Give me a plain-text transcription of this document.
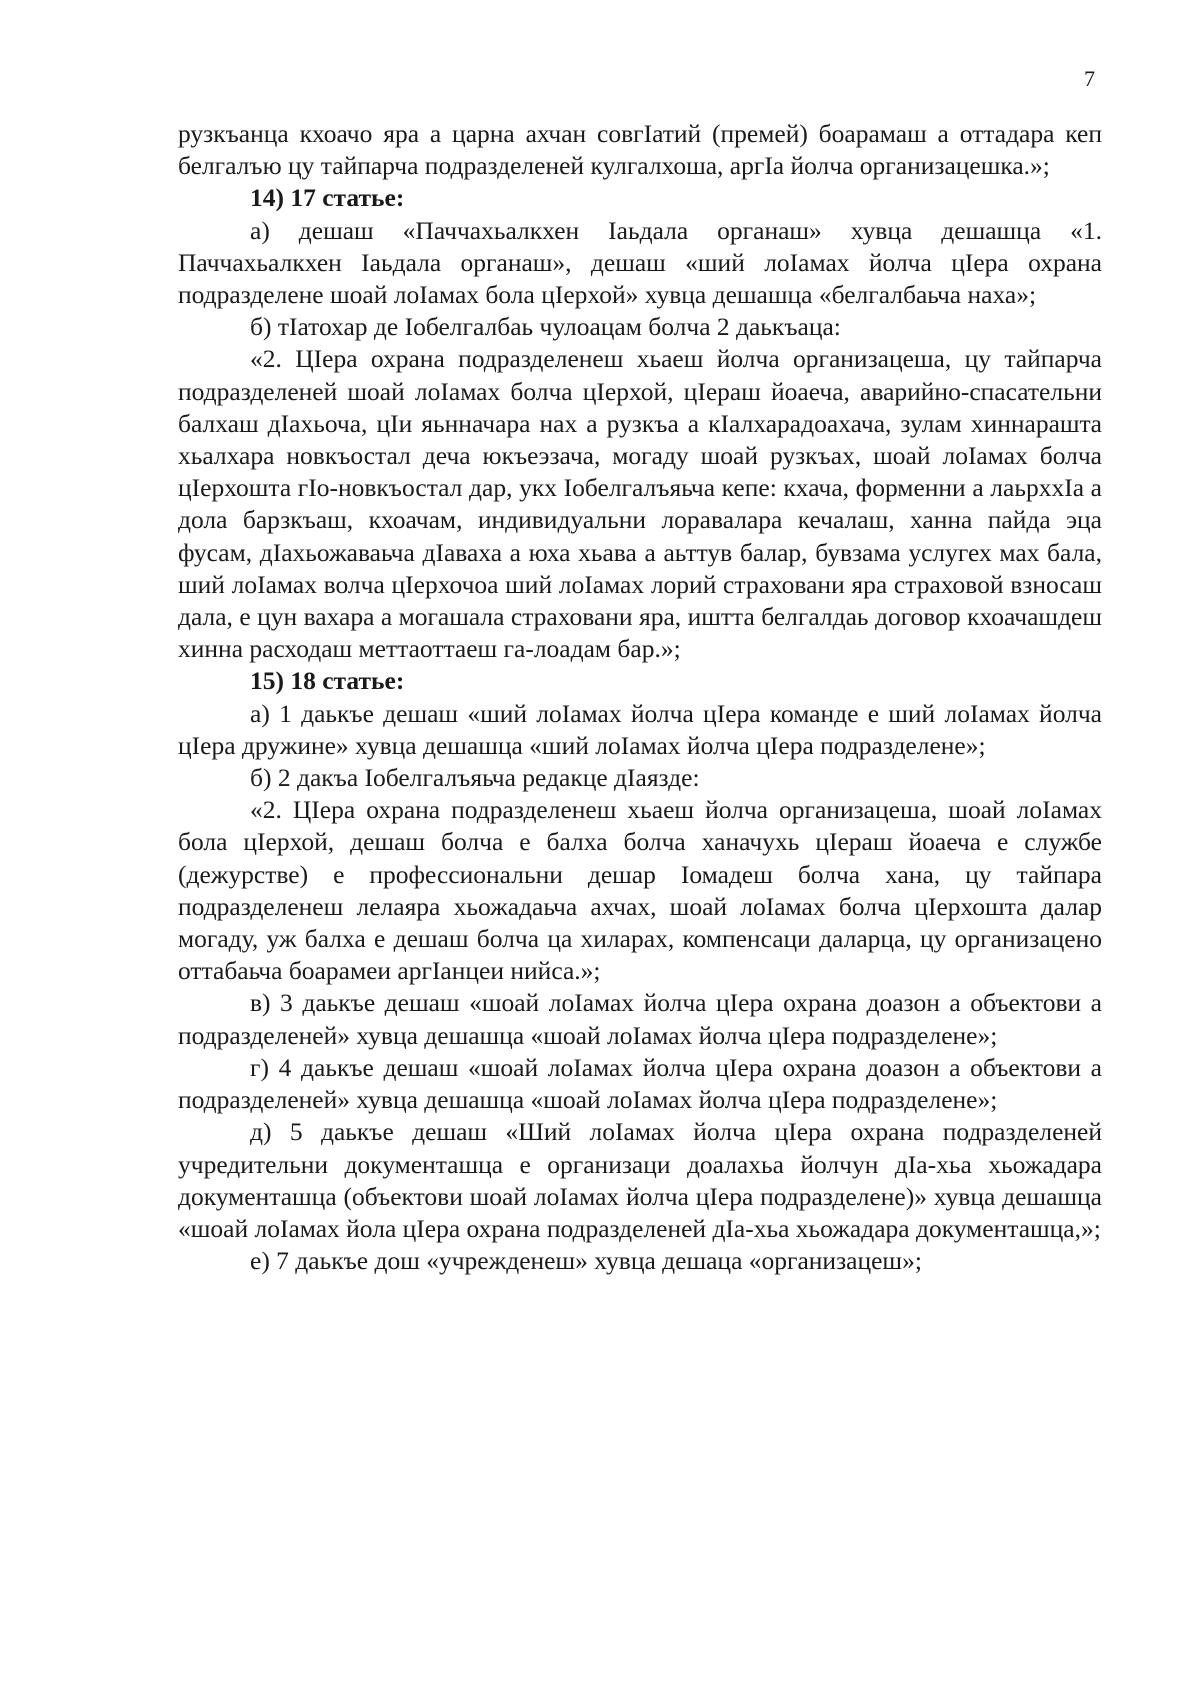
7

рузкъанца кхоачо яра а царна ахчан совгIатий (премей) боарамаш а оттадара кеп белгалъю цу тайпарча подразделеней кулгалхоша, аргIа йолча организацешка.»;

14) 17 статье:

а) дешаш «Паччахьалкхен Iаьдала органаш» хувца дешашца «1. Паччахьалкхен Iаьдала органаш», дешаш «ший лоIамах йолча цIера охрана подразделене шоай лоIамах бола цIерхой» хувца дешашца «белгалбаьча наха»;

б) тIатохар де Iобелгалбаь чулоацам болча 2 даькъаца:

«2. ЦIера охрана подразделенеш хьаеш йолча организацеша, цу тайпарча подразделеней шоай лоIамах болча цIерхой, цIераш йоаеча, аварийно-спасательни балхаш дIахьоча, цIи яьнначара нах а рузкъа а кIалхарадоахача, зулам хиннараштa хьалхара новкъостал деча юкъеэзача, могаду шоай рузкъах, шоай лоIамах болча цIерхошта гIо-новкъостал дар, укх Iобелгалъяьча кепе: кхача, форменни а лаьрххIа а дола барзкъаш, кхоачам, индивидуальни лоравалара кечалаш, ханна пайда эца фусам, дIахьожаваьча дIаваха а юха хьава а аьттув балар, бувзама услугех мах бала, ший лоIамах волча цIерхочоа ший лоIамах лорий страховани яра страховой взносаш дала, е цун вахара а могашала страховани яра, иштта белгалдаь договор кхоачашдеш хинна расходаш меттаоттаеш га-лоадам бар.»;

15) 18 статье:

а) 1 даькъе дешаш «ший лоIамах йолча цIера команде е ший лоIамах йолча цIера дружине» хувца дешашца «ший лоIамах йолча цIера подразделене»;

б) 2 дакъа Iобелгалъяьча редакце дIаязде:

«2. ЦIера охрана подразделенеш хьаеш йолча организацеша, шоай лоIамах бола цIерхой, дешаш болча е балха болча ханачухь цIераш йоаеча е службе (дежурстве) е профессиональни дешар Iомадеш болча хана, цу тайпара подразделенеш лелаяра хьожадаьча ахчах, шоай лоIамах болча цIерхошта далар могаду, уж балха е дешаш болча ца хиларах, компенсаци даларца, цу организацено оттабаьча боарамеи аргIанцеи нийса.»;

в) 3 даькъе дешаш «шоай лоIамах йолча цIера охрана доазон а объектови а подразделеней» хувца дешашца «шоай лоIамах йолча цIера подразделене»;

г) 4 даькъе дешаш «шоай лоIамах йолча цIера охрана доазон а объектови а подразделеней» хувца дешашца «шоай лоIамах йолча цIера подразделене»;

д) 5 даькъе дешаш «Ший лоIамах йолча цIера охрана подразделеней учредительни документашца е организаци доалахьа йолчун дIа-хьа хьожадара документашца (объектови шоай лоIамах йолча цIера подразделене)» хувца дешашца «шоай лоIамах йола цIера охрана подразделеней дIа-хьа хьожадара документашца,»;

е) 7 даькъе дош «учрежденеш» хувца дешаца «организацеш»;
